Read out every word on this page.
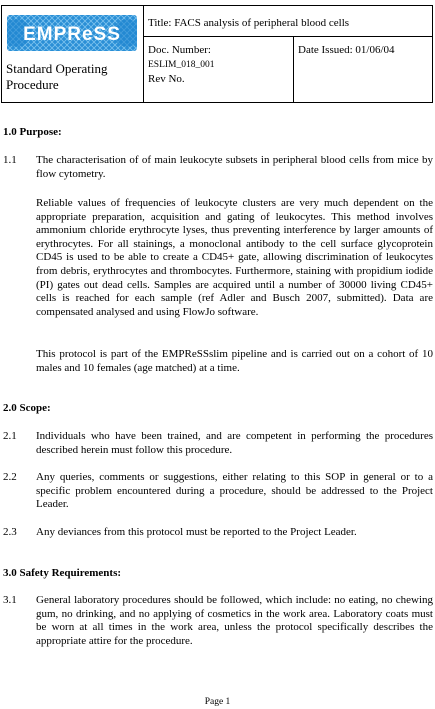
EMPReSS
Title: FACS analysis of peripheral blood cells
Doc. Number:
ESLIM_018_001
Rev No.
Date Issued: 01/06/04
Standard Operating
Procedure
1.0 Purpose:
1.1 The characterisation of of main leukocyte subsets in peripheral blood cells from mice by flow cytometry.
Reliable values of frequencies of leukocyte clusters are very much dependent on the appropriate preparation, acquisition and gating of leukocytes. This method involves ammonium chloride erythrocyte lyses, thus preventing interference by larger amounts of erythrocytes. For all stainings, a monoclonal antibody to the cell surface glycoprotein CD45 is used to be able to create a CD45+ gate, allowing discrimination of leukocytes from debris, erythrocytes and thrombocytes. Furthermore, staining with propidium iodide (PI) gates out dead cells. Samples are acquired until a number of 30000 living CD45+ cells is reached for each sample (ref Adler and Busch 2007, submitted). Data are compensated analysed and using FlowJo software.
This protocol is part of the EMPReSSslim pipeline and is carried out on a cohort of 10 males and 10 females (age matched) at a time.
2.0 Scope:
2.1 Individuals who have been trained, and are competent in performing the procedures described herein must follow this procedure.
2.2 Any queries, comments or suggestions, either relating to this SOP in general or to a specific problem encountered during a procedure, should be addressed to the Project Leader.
2.3 Any deviances from this protocol must be reported to the Project Leader.
3.0 Safety Requirements:
3.1 General laboratory procedures should be followed, which include: no eating, no chewing gum, no drinking, and no applying of cosmetics in the work area. Laboratory coats must be worn at all times in the work area, unless the protocol specifically describes the appropriate attire for the procedure.
Page 1
